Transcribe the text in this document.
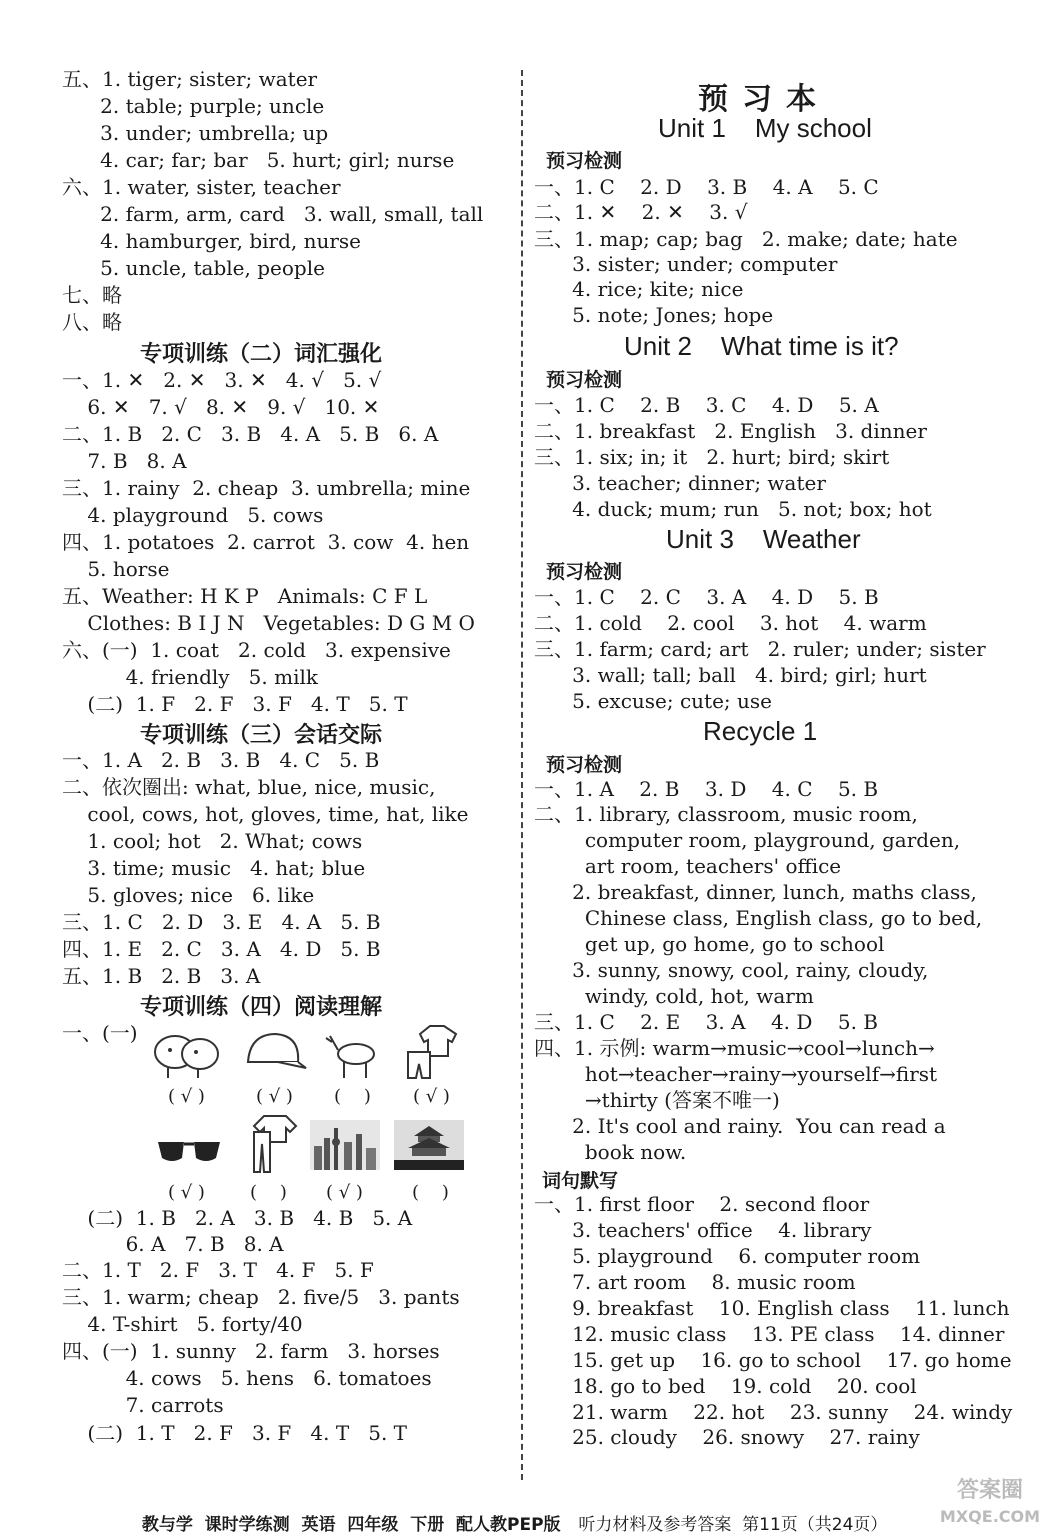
五、1. tiger; sister; water
2. table; purple; uncle
3. under; umbrella; up
4. car; far; bar   5. hurt; girl; nurse
六、1. water, sister, teacher
2. farm, arm, card   3. wall, small, tall
4. hamburger, bird, nurse
5. uncle, table, people
七、略
八、略
专项训练（二）词汇强化
一、1. ✕   2. ✕   3. ✕   4. √   5. √
6. ✕   7. √   8. ✕   9. √   10. ✕
二、1. B   2. C   3. B   4. A   5. B   6. A
7. B   8. A
三、1. rainy  2. cheap  3. umbrella; mine
4. playground   5. cows
四、1. potatoes  2. carrot  3. cow  4. hen
5. horse
五、Weather: H K P   Animals: C F L
Clothes: B I J N   Vegetables: D G M O
六、(一)  1. coat   2. cold   3. expensive
4. friendly   5. milk
(二)  1. F   2. F   3. F   4. T   5. T
专项训练（三）会话交际
一、1. A   2. B   3. B   4. C   5. B
二、依次圈出: what, blue, nice, music,
cool, cows, hot, gloves, time, hat, like
1. cool; hot   2. What; cows
3. time; music   4. hat; blue
5. gloves; nice   6. like
三、1. C   2. D   3. E   4. A   5. B
四、1. E   2. C   3. A   4. D   5. B
五、1. B   2. B   3. A
专项训练（四）阅读理解
一、(一)
( √ )	( √ ) (    ) ( √ )
( √ )	(    ) ( √ )	(    )
(二)  1. B   2. A   3. B   4. B   5. A
6. A   7. B   8. A
二、1. T   2. F   3. T   4. F   5. F
三、1. warm; cheap   2. five/5   3. pants
4. T-shirt   5. forty/40
四、(一)  1. sunny   2. farm   3. horses
4. cows   5. hens   6. tomatoes
7. carrots
(二)  1. T   2. F   3. F   4. T   5. T
预习本
Unit 1    My school
预习检测
一、1. C    2. D    3. B    4. A    5. C
二、1. ✕    2. ✕    3. √
三、1. map; cap; bag   2. make; date; hate
3. sister; under; computer
4. rice; kite; nice
5. note; Jones; hope
Unit 2    What time is it?
预习检测
一、1. C    2. B    3. C    4. D    5. A
二、1. breakfast   2. English   3. dinner
三、1. six; in; it   2. hurt; bird; skirt
3. teacher; dinner; water
4. duck; mum; run   5. not; box; hot
Unit 3    Weather
预习检测
一、1. C    2. C    3. A    4. D    5. B
二、1. cold    2. cool    3. hot    4. warm
三、1. farm; card; art   2. ruler; under; sister
3. wall; tall; ball   4. bird; girl; hurt
5. excuse; cute; use
Recycle 1
预习检测
一、1. A    2. B    3. D    4. C    5. B
二、1. library, classroom, music room,
computer room, playground, garden,
art room, teachers' office
2. breakfast, dinner, lunch, maths class,
Chinese class, English class, go to bed,
get up, go home, go to school
3. sunny, snowy, cool, rainy, cloudy,
windy, cold, hot, warm
三、1. C    2. E    3. A    4. D    5. B
四、1. 示例: warm→music→cool→lunch→
hot→teacher→rainy→yourself→first
→thirty (答案不唯一)
2. It's cool and rainy.  You can read a
book now.
词句默写
一、1. first floor    2. second floor
3. teachers' office    4. library
5. playground    6. computer room
7. art room    8. music room
9. breakfast    10. English class    11. lunch
12. music class    13. PE class    14. dinner
15. get up    16. go to school    17. go home
18. go to bed    19. cold    20. cool
21. warm    22. hot    23. sunny    24. windy
25. cloudy    26. snowy    27. rainy

教与学  课时学练测  英语  四年级  下册  配人教PEP版 听力材料及参考答案  第11页（共24页）

答案圈
MXQE.COM
